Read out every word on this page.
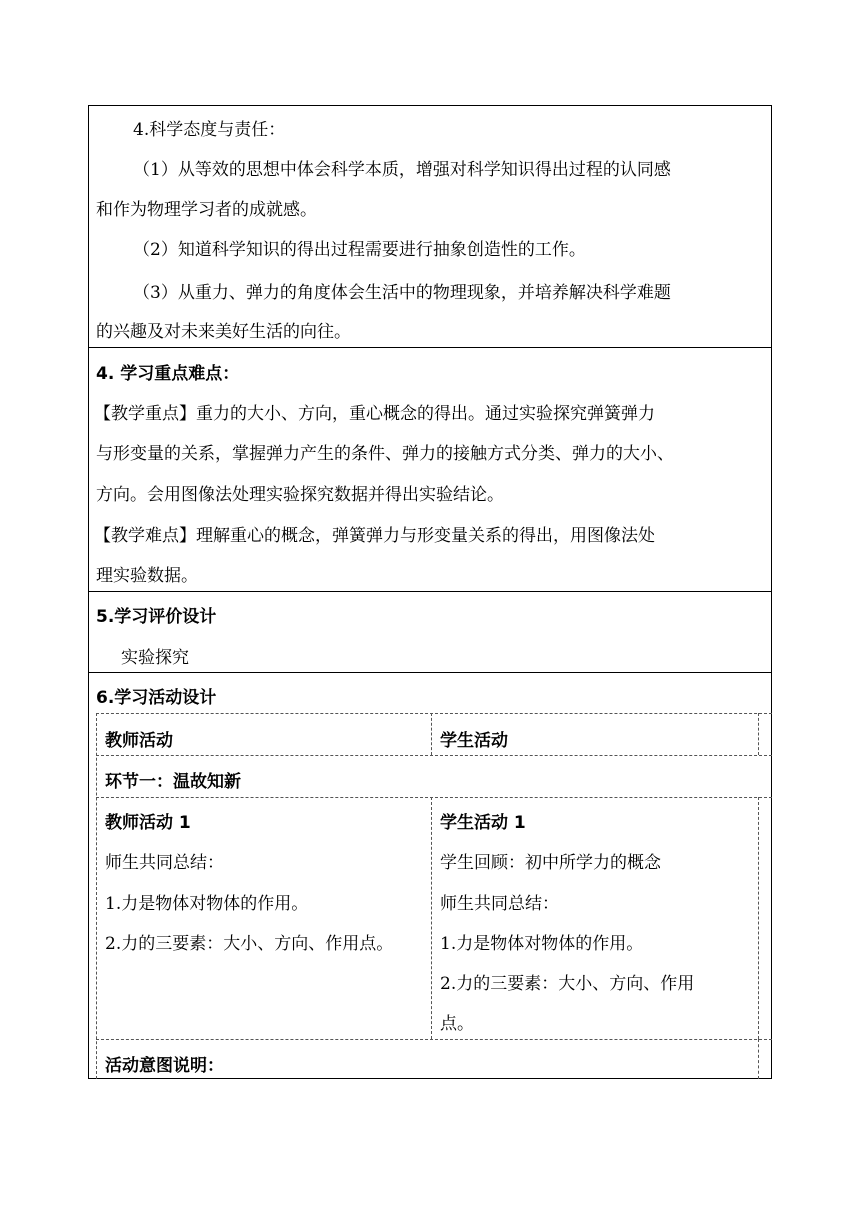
4.科学态度与责任：
（1）从等效的思想中体会科学本质，增强对科学知识得出过程的认同感
和作为物理学习者的成就感。
（2）知道科学知识的得出过程需要进行抽象创造性的工作。
（3）从重力、弹力的角度体会生活中的物理现象，并培养解决科学难题
的兴趣及对未来美好生活的向往。
4. 学习重点难点：
【教学重点】重力的大小、方向，重心概念的得出。通过实验探究弹簧弹力
与形变量的关系，掌握弹力产生的条件、弹力的接触方式分类、弹力的大小、
方向。会用图像法处理实验探究数据并得出实验结论。
【教学难点】理解重心的概念，弹簧弹力与形变量关系的得出，用图像法处
理实验数据。
5.学习评价设计
实验探究
6.学习活动设计
教师活动	学生活动
环节一：温故知新
教师活动 1
师生共同总结：
1.力是物体对物体的作用。
2.力的三要素：大小、方向、作用点。
学生活动 1
学生回顾：初中所学力的概念
师生共同总结：
1.力是物体对物体的作用。
2.力的三要素：大小、方向、作用
点。
活动意图说明：
